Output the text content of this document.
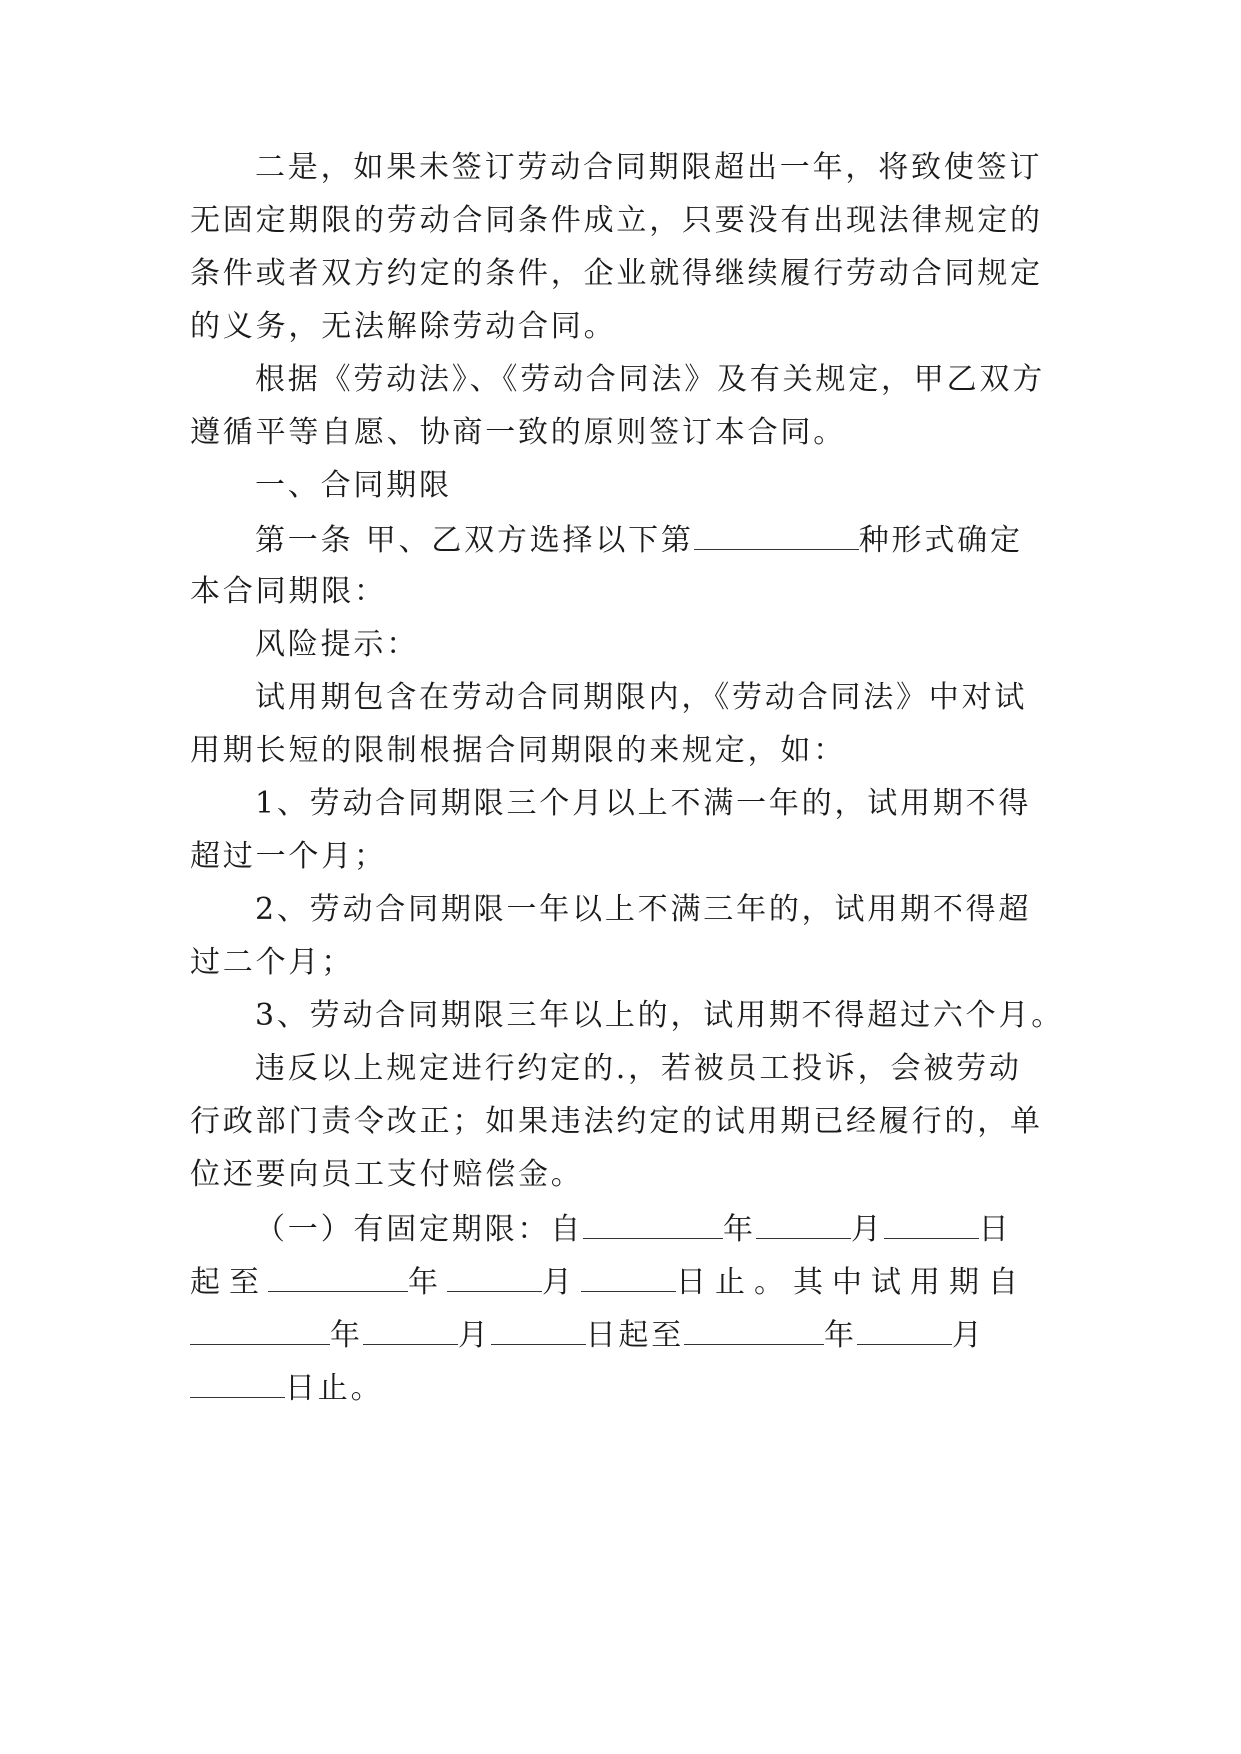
二是，如果未签订劳动合同期限超出一年，将致使签订
无固定期限的劳动合同条件成立，只要没有出现法律规定的
条件或者双方约定的条件，企业就得继续履行劳动合同规定
的义务，无法解除劳动合同。
根据《劳动法》、《劳动合同法》及有关规定，甲乙双方
遵循平等自愿、协商一致的原则签订本合同。
一、合同期限
第一条 甲、乙双方选择以下第	种形式确定
本合同期限：
风险提示：
试用期包含在劳动合同期限内，《劳动合同法》中对试
用期长短的限制根据合同期限的来规定，如：
1、劳动合同期限三个月以上不满一年的，试用期不得
超过一个月；
2、劳动合同期限一年以上不满三年的，试用期不得超
过二个月；
3、劳动合同期限三年以上的，试用期不得超过六个月。
违反以上规定进行约定的.，若被员工投诉，会被劳动
行政部门责令改正；如果违法约定的试用期已经履行的，单
位还要向员工支付赔偿金。
（一）有固定期限：自	年	月	日
起至	年	月	日止。其中试用期自
年	月	日起至	年	月
日止。
